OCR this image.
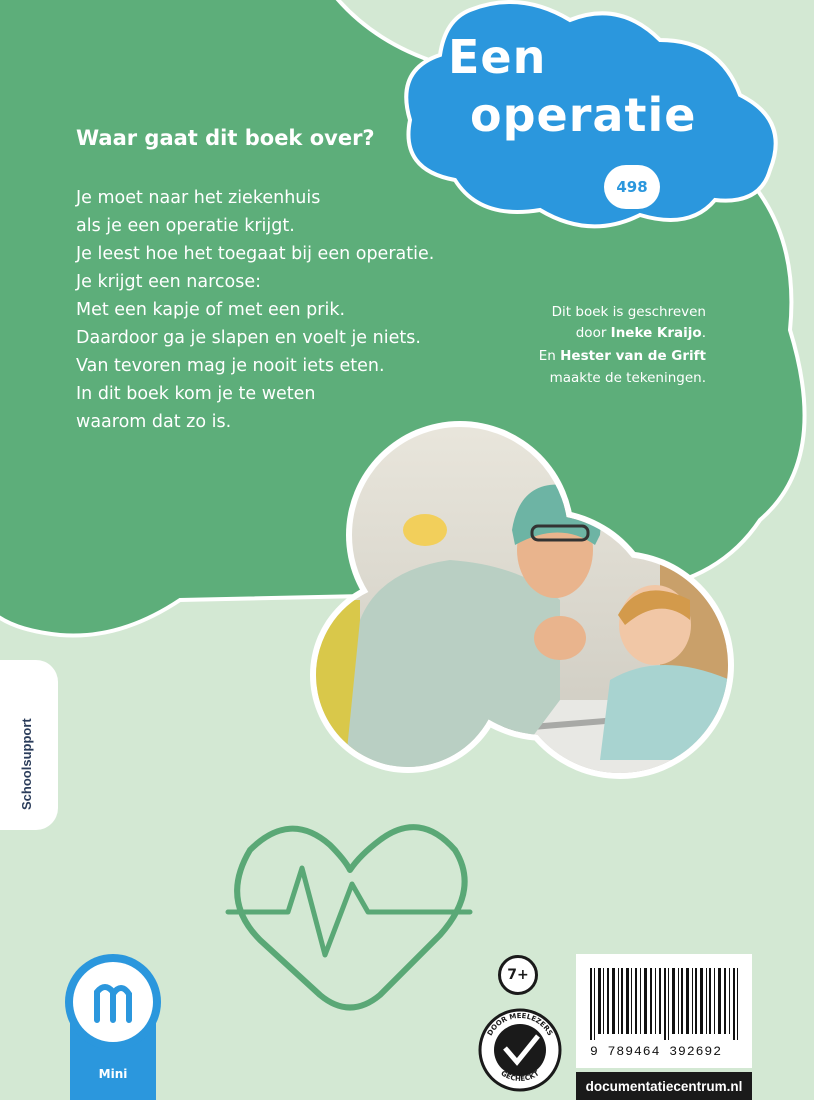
Een
operatie
498
Waar gaat dit boek over?
Je moet naar het ziekenhuis
als je een operatie krijgt.
Je leest hoe het toegaat bij een operatie.
Je krijgt een narcose:
Met een kapje of met een prik.
Daardoor ga je slapen en voelt je niets.
Van tevoren mag je nooit iets eten.
In dit boek kom je te weten
waarom dat zo is.
Dit boek is geschreven
door Ineke Kraijo.
En Hester van de Grift
maakte de tekeningen.
Schoolsupport
7+
DOOR MEELEZERS
GECHECKT
9 789464 392692
documentatiecentrum.nl
Mini
